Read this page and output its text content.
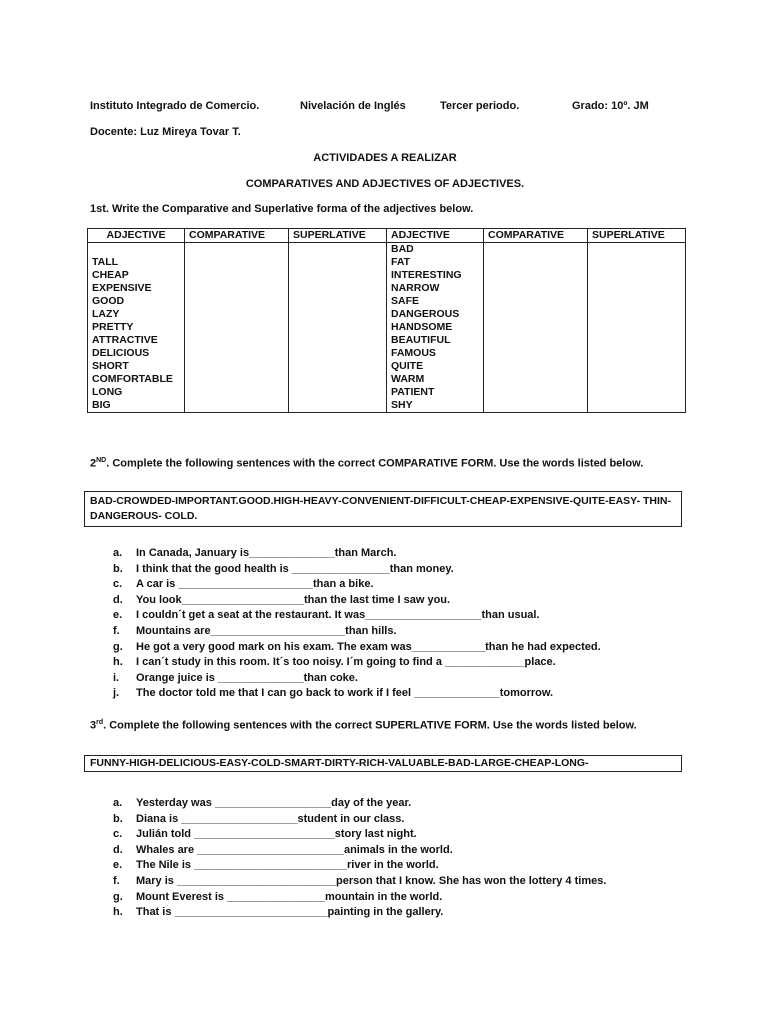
Instituto Integrado de Comercio.	Nivelación de Inglés	Tercer periodo.	Grado: 10º. JM
Docente: Luz Mireya Tovar T.
ACTIVIDADES A REALIZAR
COMPARATIVES AND ADJECTIVES OF ADJECTIVES.
1st. Write the Comparative and Superlative forma of the adjectives below.
ADJECTIVE	COMPARATIVE	SUPERLATIVE	ADJECTIVE	COMPARATIVE	SUPERLATIVE
			BAD		
TALL			FAT		
CHEAP			INTERESTING		
EXPENSIVE			NARROW		
GOOD			SAFE		
LAZY			DANGEROUS		
PRETTY			HANDSOME		
ATTRACTIVE			BEAUTIFUL		
DELICIOUS			FAMOUS		
SHORT			QUITE		
COMFORTABLE			WARM		
LONG			PATIENT		
BIG			SHY		
2ND. Complete the following sentences with the correct COMPARATIVE FORM. Use the words listed below.
BAD-CROWDED-IMPORTANT.GOOD.HIGH-HEAVY-CONVENIENT-DIFFICULT-CHEAP-EXPENSIVE-QUITE-EASY- THIN- DANGEROUS- COLD.
a. In Canada, January is______________than March.
b. I think that the good health is ________________than money.
c. A car is ______________________than a bike.
d. You look____________________than the last time I saw you.
e. I couldn´t get a seat at the restaurant. It was___________________than usual.
f. Mountains are______________________than hills.
g. He got a very good mark on his exam. The exam was____________than he had expected.
h. I can´t study in this room. It´s too noisy. I´m going to find a _____________place.
i. Orange juice is ______________than coke.
j. The doctor told me that I can go back to work if I feel ______________tomorrow.
3rd. Complete the following sentences with the correct SUPERLATIVE FORM. Use the words listed below.
FUNNY-HIGH-DELICIOUS-EASY-COLD-SMART-DIRTY-RICH-VALUABLE-BAD-LARGE-CHEAP-LONG-
a. Yesterday was ___________________day of the year.
b. Diana is ___________________student in our class.
c. Julián told _______________________story last night.
d. Whales are ________________________animals in the world.
e. The Nile is _________________________river in the world.
f. Mary is __________________________person that I know. She has won the lottery 4 times.
g. Mount Everest is ________________mountain in the world.
h. That is _________________________painting in the gallery.
